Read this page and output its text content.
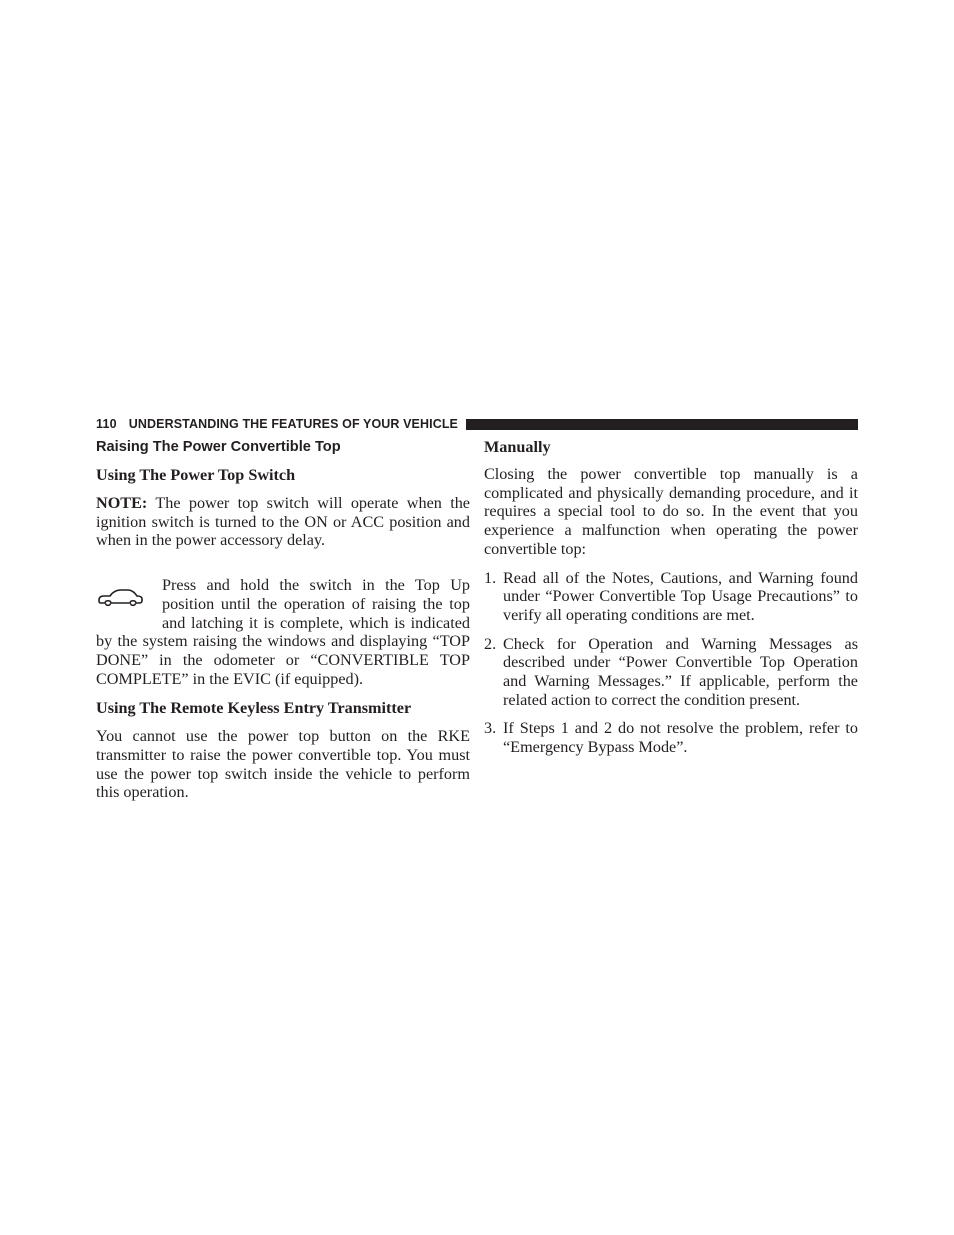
110 UNDERSTANDING THE FEATURES OF YOUR VEHICLE
Raising The Power Convertible Top
Using The Power Top Switch

NOTE: The power top switch will operate when the ignition switch is turned to the ON or ACC position and when in the power accessory delay.

Press and hold the switch in the Top Up position until the operation of raising the top and latching it is complete, which is indicated by the system raising the windows and displaying “TOP DONE” in the odometer or “CONVERTIBLE TOP COMPLETE” in the EVIC (if equipped).

Using The Remote Keyless Entry Transmitter

You cannot use the power top button on the RKE transmitter to raise the power convertible top. You must use the power top switch inside the vehicle to perform this operation.

Manually

Closing the power convertible top manually is a complicated and physically demanding procedure, and it requires a special tool to do so. In the event that you experience a malfunction when operating the power convertible top:

1. Read all of the Notes, Cautions, and Warning found under “Power Convertible Top Usage Precautions” to verify all operating conditions are met.
2. Check for Operation and Warning Messages as described under “Power Convertible Top Operation and Warning Messages.” If applicable, perform the related action to correct the condition present.
3. If Steps 1 and 2 do not resolve the problem, refer to “Emergency Bypass Mode”.
